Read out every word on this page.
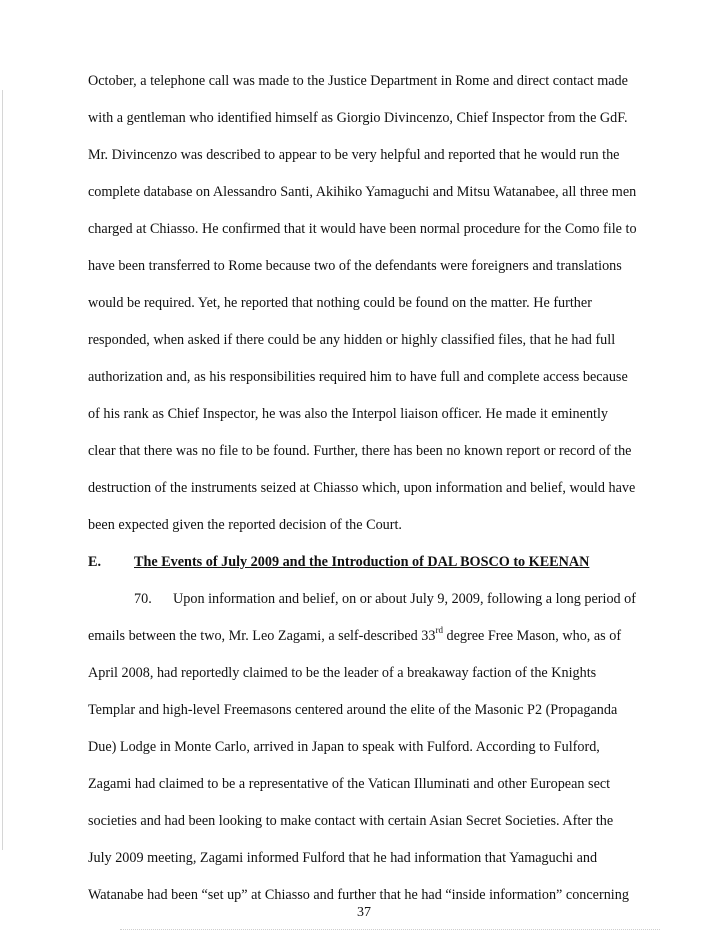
October, a telephone call was made to the Justice Department in Rome and direct contact made
with a gentleman who identified himself as Giorgio Divincenzo, Chief Inspector from the GdF.
Mr. Divincenzo was described to appear to be very helpful and reported that he would run the
complete database on Alessandro Santi, Akihiko Yamaguchi and Mitsu Watanabee, all three men
charged at Chiasso. He confirmed that it would have been normal procedure for the Como file to
have been transferred to Rome because two of the defendants were foreigners and translations
would be required. Yet, he reported that nothing could be found on the matter. He further
responded, when asked if there could be any hidden or highly classified files, that he had full
authorization and, as his responsibilities required him to have full and complete access because
of his rank as Chief Inspector, he was also the Interpol liaison officer. He made it eminently
clear that there was no file to be found. Further, there has been no known report or record of the
destruction of the instruments seized at Chiasso which, upon information and belief, would have
been expected given the reported decision of the Court.
E. The Events of July 2009 and the Introduction of DAL BOSCO to KEENAN
70.      Upon information and belief, on or about July 9, 2009, following a long period of
emails between the two, Mr. Leo Zagami, a self-described 33rd degree Free Mason, who, as of
April 2008, had reportedly claimed to be the leader of a breakaway faction of the Knights
Templar and high-level Freemasons centered around the elite of the Masonic P2 (Propaganda
Due) Lodge in Monte Carlo, arrived in Japan to speak with Fulford. According to Fulford,
Zagami had claimed to be a representative of the Vatican Illuminati and other European sect
societies and had been looking to make contact with certain Asian Secret Societies. After the
July 2009 meeting, Zagami informed Fulford that he had information that Yamaguchi and
Watanabe had been “set up” at Chiasso and further that he had “inside information” concerning
37
